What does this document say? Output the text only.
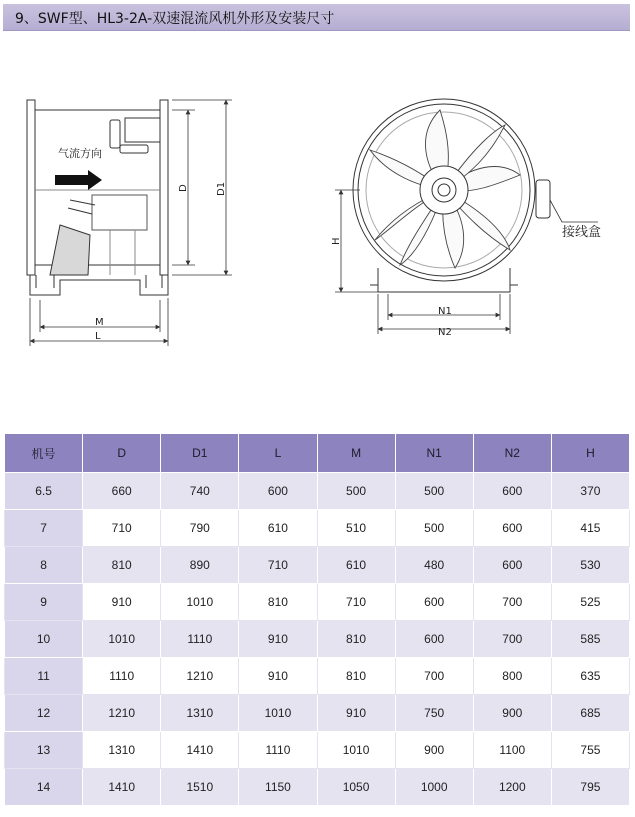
9、SWF型、HL3-2A-双速混流风机外形及安装尺寸
气流方向
D	D1
M
L
H
N1
N2
接线盒
机号	D	D1	L	M	N1	N2	H
6.5	660	740	600	500	500	600	370
7	710	790	610	510	500	600	415
8	810	890	710	610	480	600	530
9	910	1010	810	710	600	700	525
10	1010	1110	910	810	600	700	585
11	1110	1210	910	810	700	800	635
12	1210	1310	1010	910	750	900	685
13	1310	1410	1110	1010	900	1100	755
14	1410	1510	1150	1050	1000	1200	795
